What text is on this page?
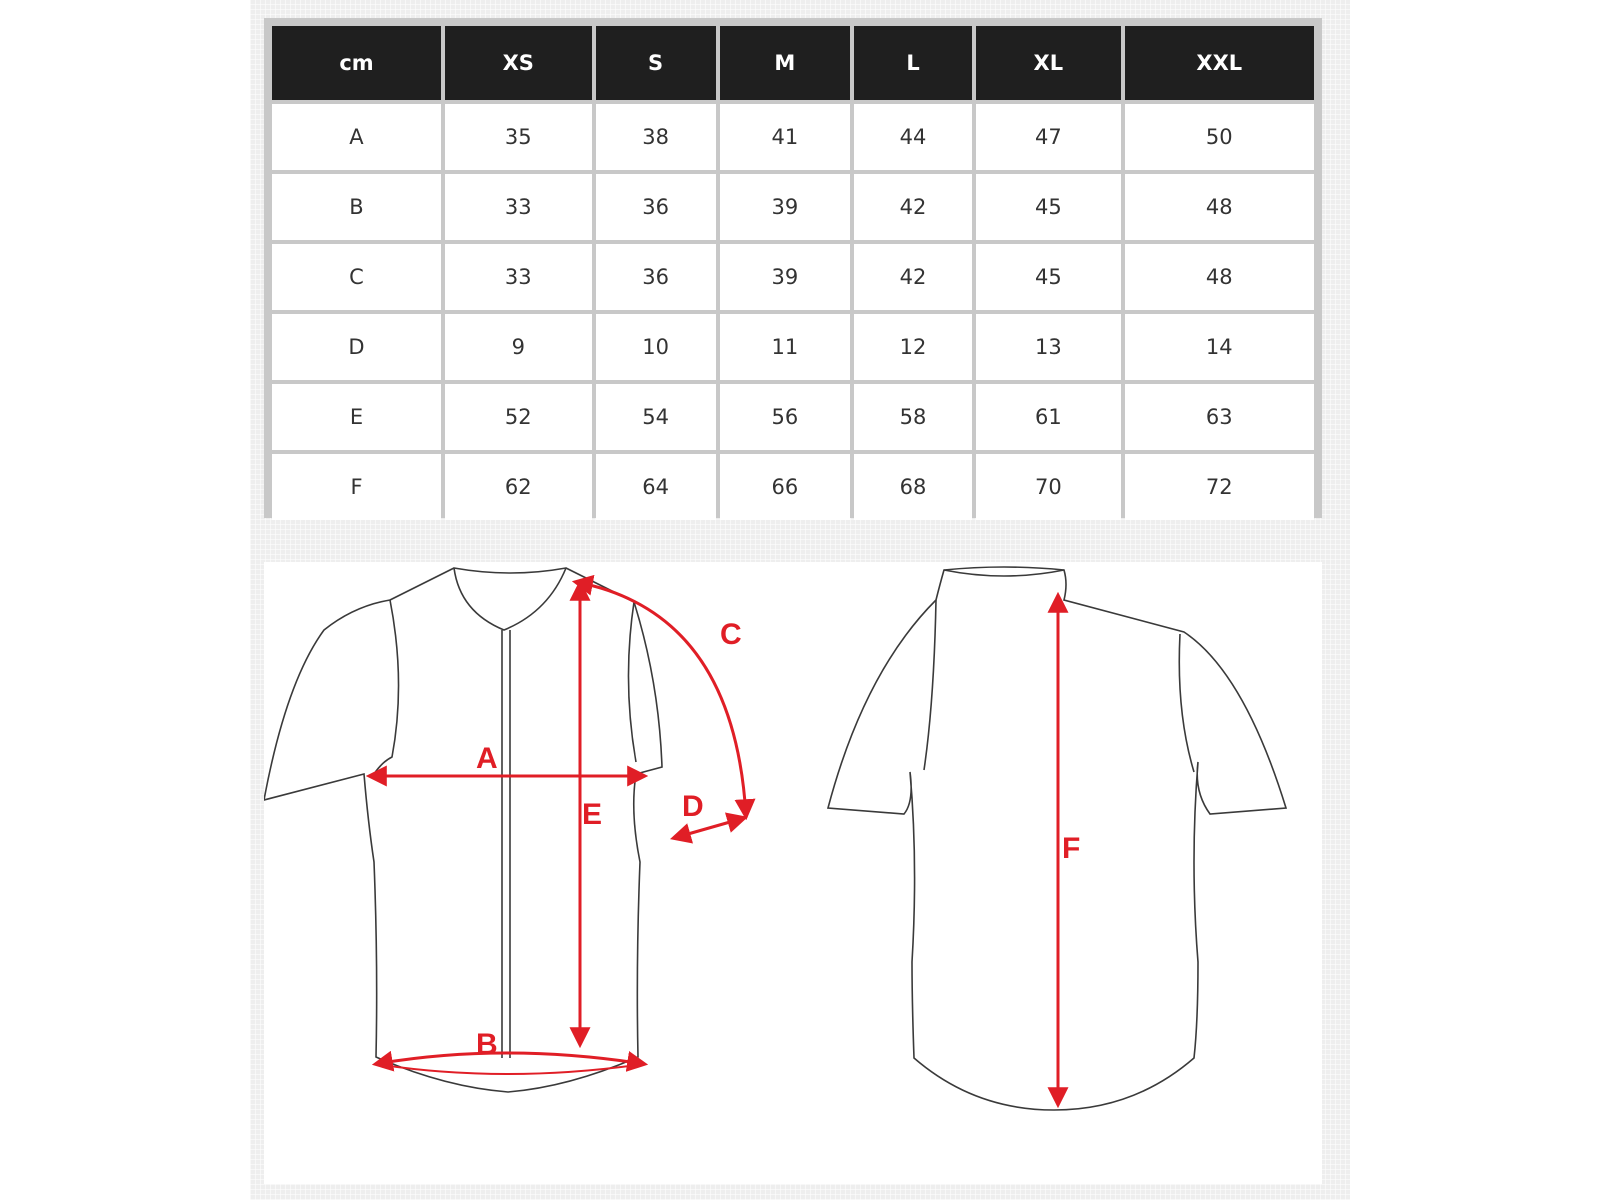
cm	XS	S	M	L	XL	XXL
A	35	38	41	44	47	50
B	33	36	39	42	45	48
C	33	36	39	42	45	48
D	9	10	11	12	13	14
E	52	54	56	58	61	63
F	62	64	66	68	70	72
A
B
C
D
E
F
